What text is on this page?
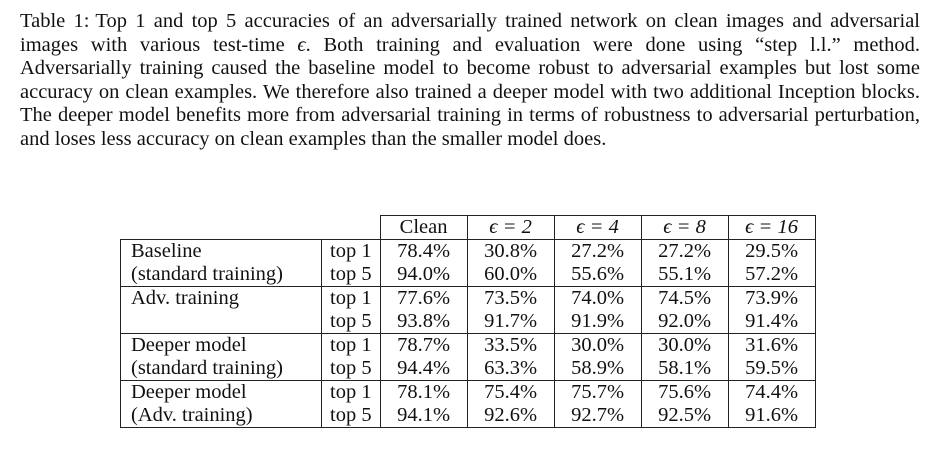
Table 1: Top 1 and top 5 accuracies of an adversarially trained network on clean images and adversarial images with various test-time ϵ. Both training and evaluation were done using “step l.l.” method. Adversarially training caused the baseline model to become robust to adversarial examples but lost some accuracy on clean examples. We therefore also trained a deeper model with two additional Inception blocks. The deeper model benefits more from adversarial training in terms of robustness to adversarial perturbation, and loses less accuracy on clean examples than the smaller model does.

		Clean	ϵ = 2	ϵ = 4	ϵ = 8	ϵ = 16
Baseline	top 1	78.4%	30.8%	27.2%	27.2%	29.5%
(standard training)	top 5	94.0%	60.0%	55.6%	55.1%	57.2%
Adv. training	top 1	77.6%	73.5%	74.0%	74.5%	73.9%
	top 5	93.8%	91.7%	91.9%	92.0%	91.4%
Deeper model	top 1	78.7%	33.5%	30.0%	30.0%	31.6%
(standard training)	top 5	94.4%	63.3%	58.9%	58.1%	59.5%
Deeper model	top 1	78.1%	75.4%	75.7%	75.6%	74.4%
(Adv. training)	top 5	94.1%	92.6%	92.7%	92.5%	91.6%
